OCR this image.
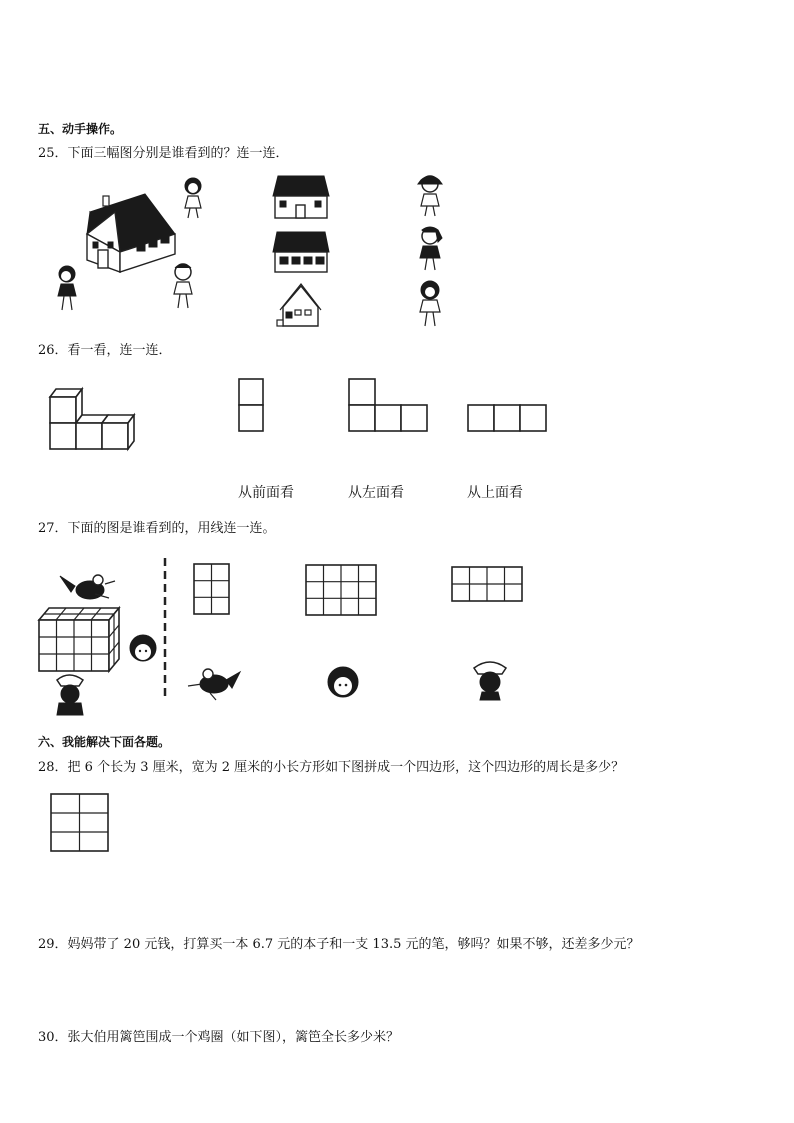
五、动手操作。
25．下面三幅图分别是谁看到的？连一连．
26．看一看，连一连．
从前面看	从左面看	从上面看
27．下面的图是谁看到的，用线连一连。
六、我能解决下面各题。
28．把 6 个长为 3 厘米，宽为 2 厘米的小长方形如下图拼成一个四边形，这个四边形的周长是多少？
29．妈妈带了 20 元钱，打算买一本 6.7 元的本子和一支 13.5 元的笔，够吗？如果不够，还差多少元？
30．张大伯用篱笆围成一个鸡圈（如下图），篱笆全长多少米？
